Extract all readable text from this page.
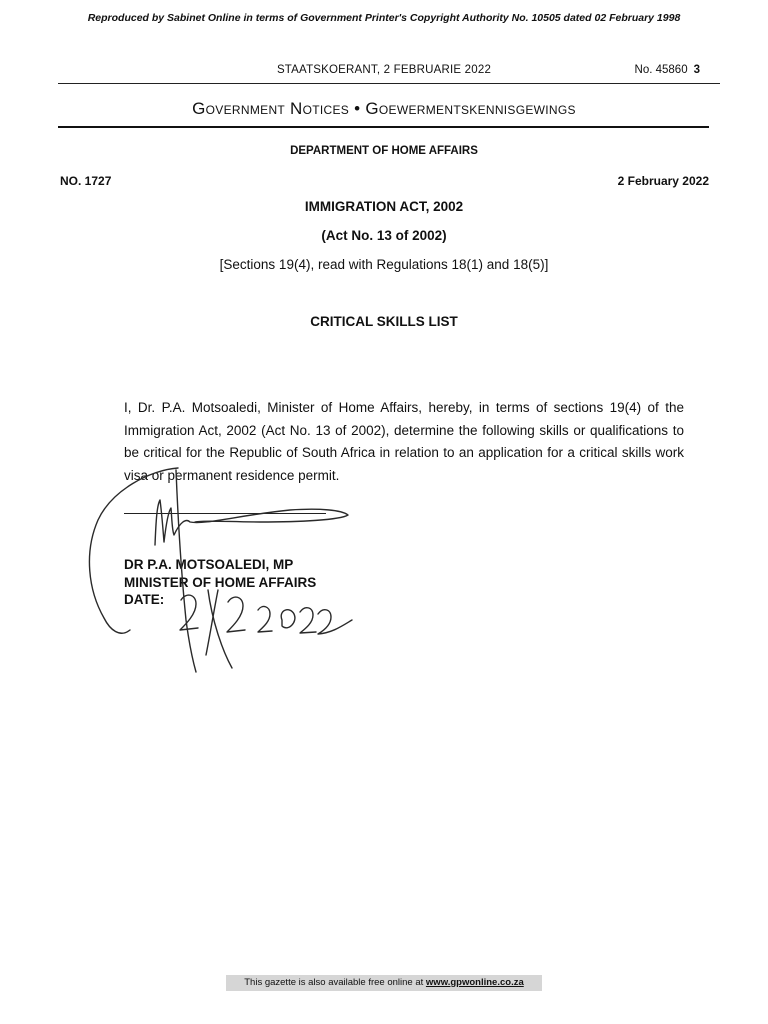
Reproduced by Sabinet Online in terms of Government Printer's Copyright Authority No. 10505 dated 02 February 1998
STAATSKOERANT, 2 FEBRUARIE 2022	No. 45860 3
Government Notices • Goewermentskennisgewings
DEPARTMENT OF HOME AFFAIRS
NO. 1727	2 February 2022
IMMIGRATION ACT, 2002
(Act No. 13 of 2002)
[Sections 19(4), read with Regulations 18(1) and 18(5)]
CRITICAL SKILLS LIST
I, Dr. P.A. Motsoaledi, Minister of Home Affairs, hereby, in terms of sections 19(4) of the Immigration Act, 2002 (Act No. 13 of 2002), determine the following skills or qualifications to be critical for the Republic of South Africa in relation to an application for a critical skills work visa or permanent residence permit.
DR P.A. MOTSOALEDI, MP
MINISTER OF HOME AFFAIRS
DATE:
This gazette is also available free online at www.gpwonline.co.za
